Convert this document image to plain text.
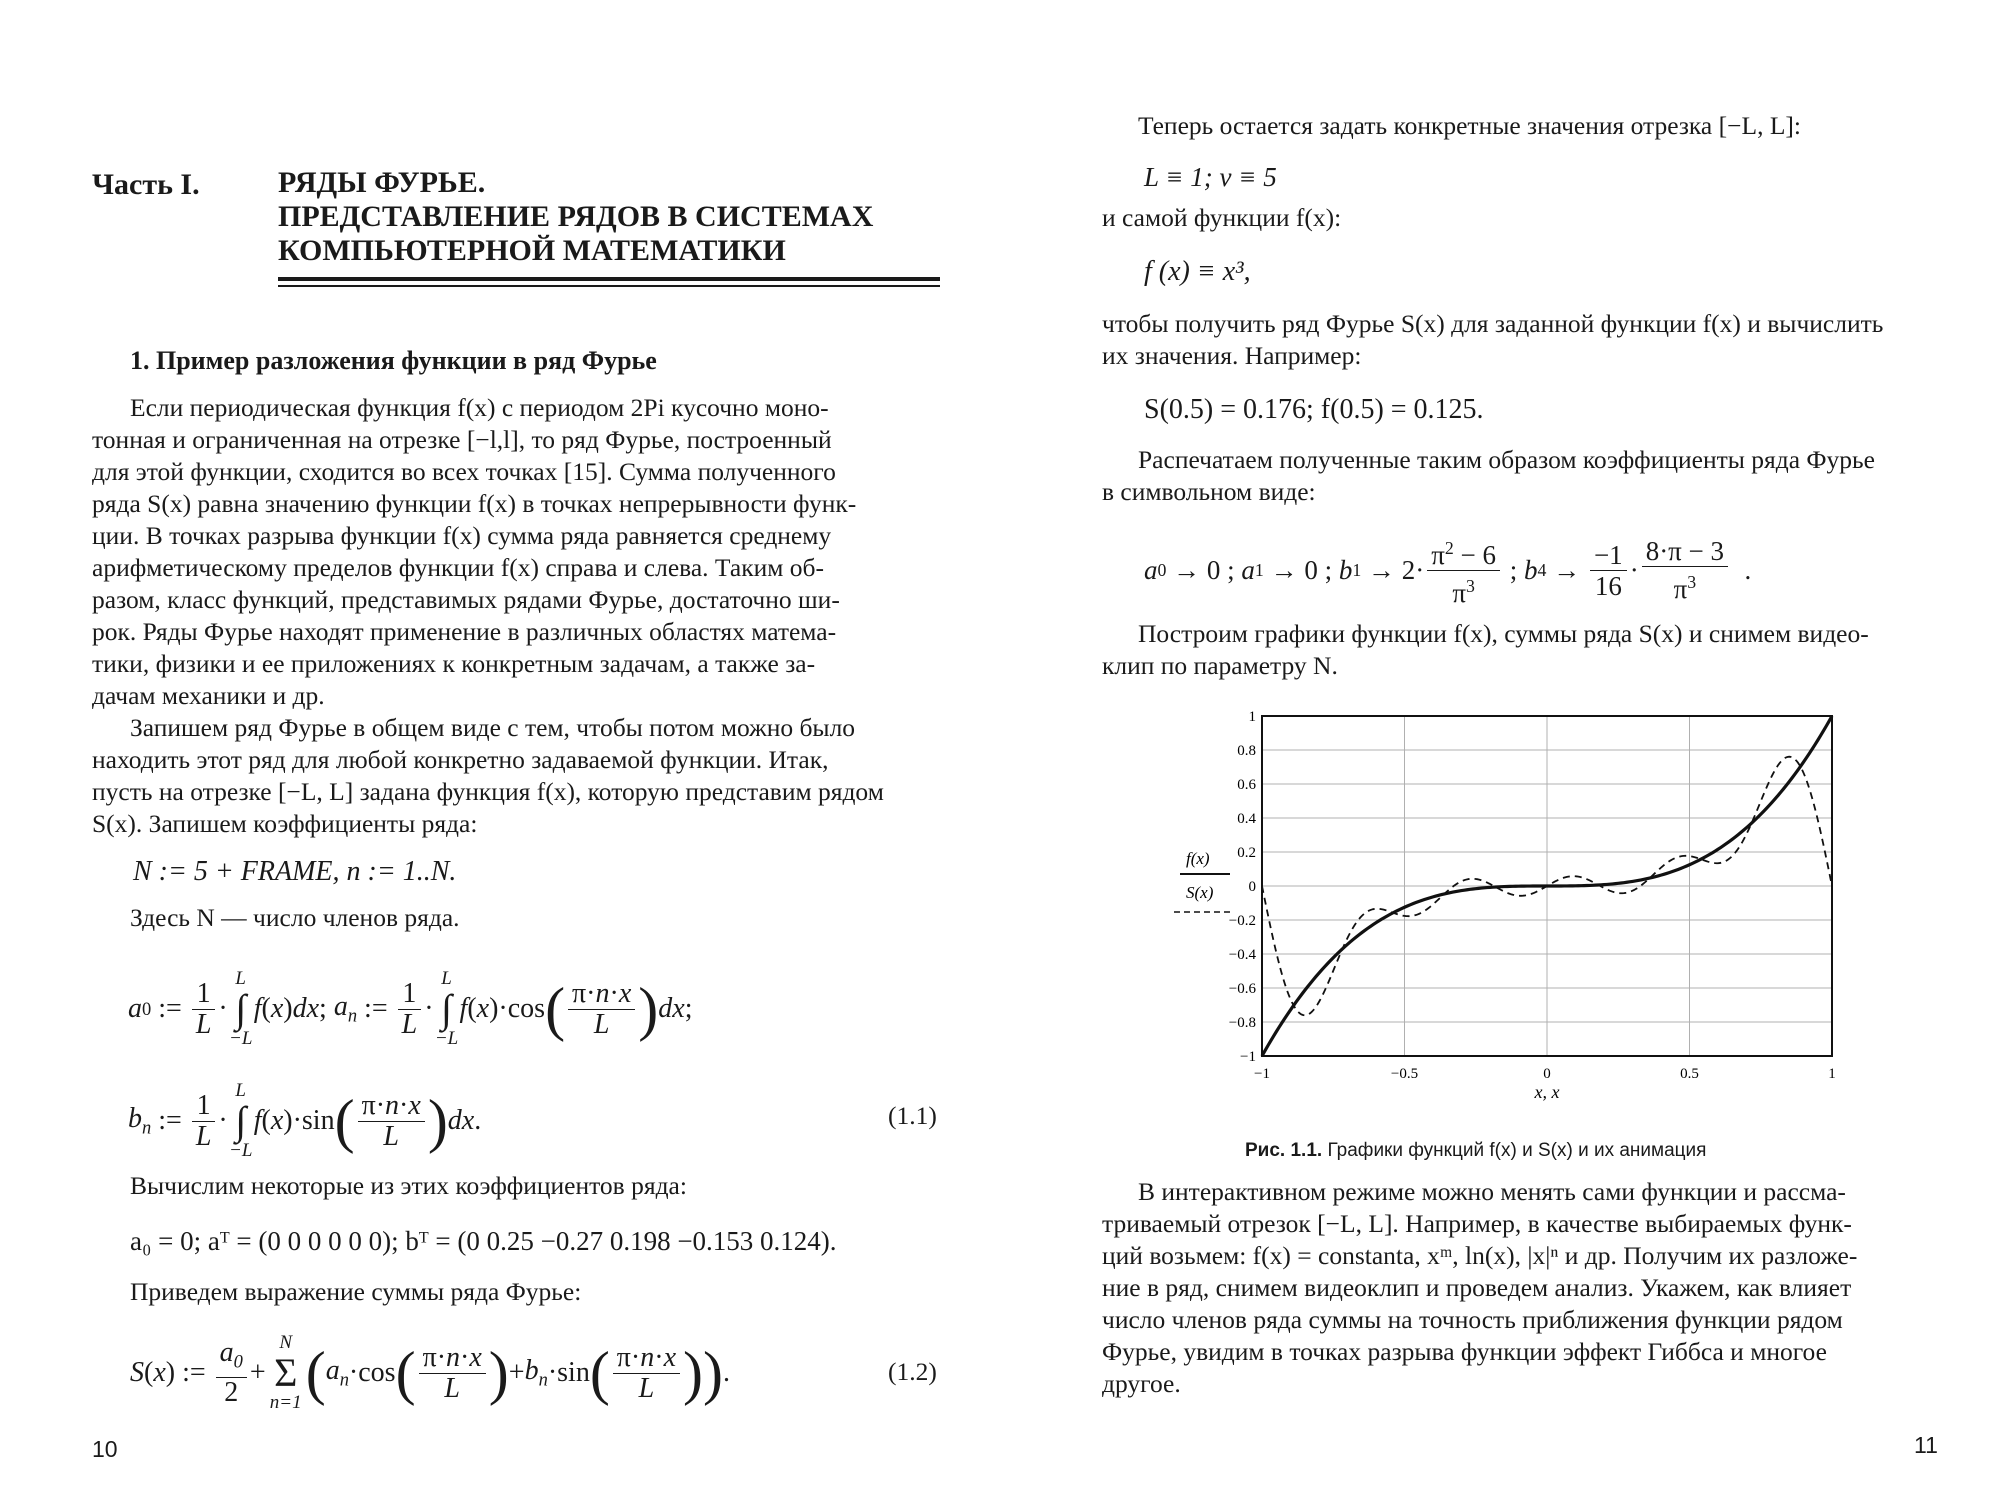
Часть I.	РЯДЫ ФУРЬЕ.
ПРЕДСТАВЛЕНИЕ РЯДОВ В СИСТЕМАХ
КОМПЬЮТЕРНОЙ МАТЕМАТИКИ
1. Пример разложения функции в ряд Фурье
Если периодическая функция f(x) с периодом 2Pi кусочно моно-
тонная и ограниченная на отрезке [−l,l], то ряд Фурье, построенный
для этой функции, сходится во всех точках [15]. Сумма полученного
ряда S(x) равна значению функции f(x) в точках непрерывности функ-
ции. В точках разрыва функции f(x) сумма ряда равняется среднему
арифметическому пределов функции f(x) справа и слева. Таким об-
разом, класс функций, представимых рядами Фурье, достаточно ши-
рок. Ряды Фурье находят применение в различных областях матема-
тики, физики и ее приложениях к конкретным задачам, а также за-
дачам механики и др.
Запишем ряд Фурье в общем виде с тем, чтобы потом можно было
находить этот ряд для любой конкретно задаваемой функции. Итак,
пусть на отрезке [−L, L] задана функция f(x), которую представим рядом
S(x). Запишем коэффициенты ряда:
N := 5 + FRAME, n := 1..N.
Здесь N — число членов ряда.
a 0 := $\frac{1}{L}$ ·
L
∫
−L
f ( x ) dx ; $a_n$ := $\frac{1}{L}$ ·
L
∫
−L
f ( x )·cos ( $\frac{\pi\cdot n\cdot x}{L}$ ) dx ;
$b_n$ := $\frac{1}{L}$ ·
L
∫
−L
f ( x )·sin ( $\frac{\pi\cdot n\cdot x}{L}$ ) dx .	(1.1)
Вычислим некоторые из этих коэффициентов ряда:
a₀ = 0; aᵀ = (0 0 0 0 0 0); bᵀ = (0 0.25 −0.27 0.198 −0.153 0.124).
Приведем выражение суммы ряда Фурье:
S ( x ) := $\frac{a_0}{2}$ +
N
Σ
n=1 ( $a_n \cdot\cos$ ( $\frac{\pi\cdot n\cdot x}{L}$ ) + $b_n \cdot\sin$ ( $\frac{\pi\cdot n\cdot x}{L}$ )) .	(1.2)
10
Теперь остается задать конкретные значения отрезка [−L, L]:
L ≡ 1; v ≡ 5
и самой функции f(x):
f (x) ≡ x³,
чтобы получить ряд Фурье S(x) для заданной функции f(x) и вычислить
их значения. Например:
S(0.5) = 0.176; f(0.5) = 0.125.
Распечатаем полученные таким образом коэффициенты ряда Фурье
в символьном виде:
a 0 → 0 ; a 1 → 0 ; b $1 \to 2\cdot \frac{\pi^2 - 6}{\pi^3}$ ; b $4 \to \frac{-1}{16} \cdot \frac{8\cdot\pi - 3}{\pi^3}$ .
Построим графики функции f(x), суммы ряда S(x) и снимем видео-
клип по параметру N.
1
0.8
0.6
0.4
0.2
0
−0.2
−0.4
−0.6
−0.8
−1
−1	−0.5	0	0.5	1
f(x)
S(x)
x, x
Рис. 1.1. Графики функций f(x) и S(x) и их анимация
В интерактивном режиме можно менять сами функции и рассма-
триваемый отрезок [−L, L]. Например, в качестве выбираемых функ-
ций возьмем: f(x) = constanta, xᵐ, ln(x), |x|ⁿ и др. Получим их разложе-
ние в ряд, снимем видеоклип и проведем анализ. Укажем, как влияет
число членов ряда суммы на точность приближения функции рядом
Фурье, увидим в точках разрыва функции эффект Гиббса и многое
другое.
11
